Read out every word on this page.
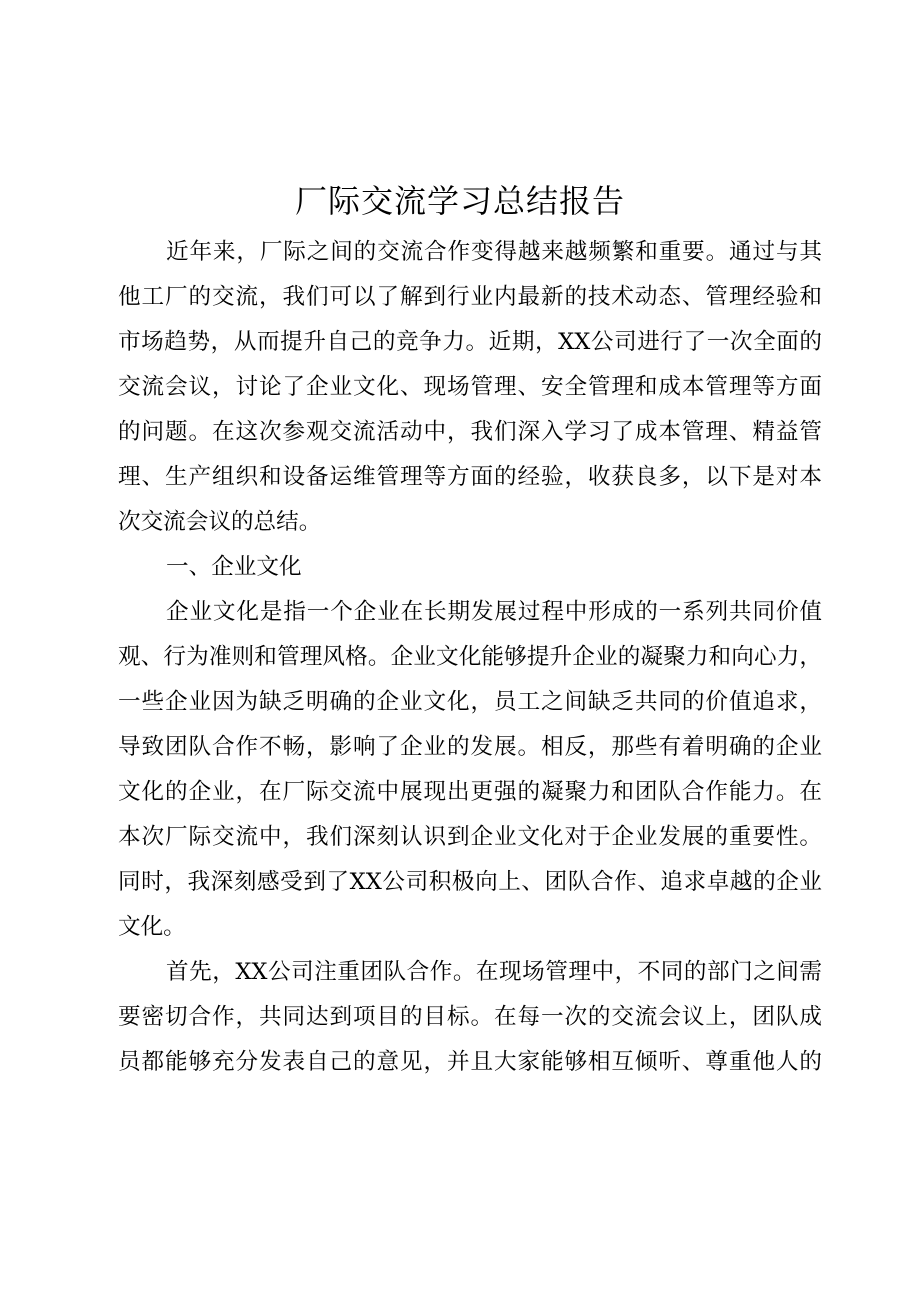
厂际交流学习总结报告
近年来，厂际之间的交流合作变得越来越频繁和重要。通过与其
他工厂的交流，我们可以了解到行业内最新的技术动态、管理经验和
市场趋势，从而提升自己的竞争力。近期，XX公司进行了一次全面的
交流会议，讨论了企业文化、现场管理、安全管理和成本管理等方面
的问题。在这次参观交流活动中，我们深入学习了成本管理、精益管
理、生产组织和设备运维管理等方面的经验，收获良多，以下是对本
次交流会议的总结。
一、企业文化
企业文化是指一个企业在长期发展过程中形成的一系列共同价值
观、行为准则和管理风格。企业文化能够提升企业的凝聚力和向心力，
一些企业因为缺乏明确的企业文化，员工之间缺乏共同的价值追求，
导致团队合作不畅，影响了企业的发展。相反，那些有着明确的企业
文化的企业，在厂际交流中展现出更强的凝聚力和团队合作能力。在
本次厂际交流中，我们深刻认识到企业文化对于企业发展的重要性。
同时，我深刻感受到了XX公司积极向上、团队合作、追求卓越的企业
文化。
首先，XX公司注重团队合作。在现场管理中，不同的部门之间需
要密切合作，共同达到项目的目标。在每一次的交流会议上，团队成
员都能够充分发表自己的意见，并且大家能够相互倾听、尊重他人的
